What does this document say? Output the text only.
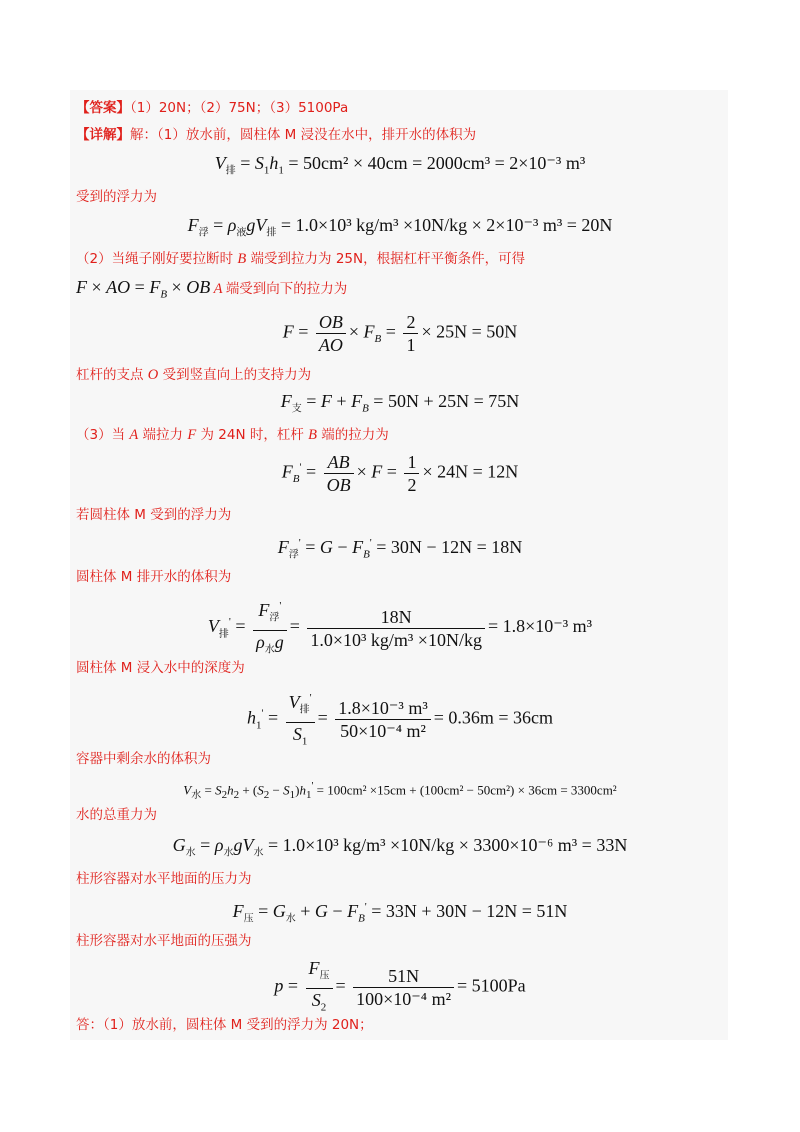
【答案】（1）20N；（2）75N；（3）5100Pa
【详解】解：（1）放水前，圆柱体 M 浸没在水中，排开水的体积为
$V_排 = S_1h_1 = 50cm^2 \times 40cm = 2000cm^3 = 2\times 10^{-3}$ m³
受到的浮力为
$F_浮 = \rho_液gV_排 = 1.0\times 10^3$ kg/m³ ×10N/kg × 2×10⁻³ m³ = 20N
（2）当绳子刚好要拉断时 B 端受到拉力为 25N，根据杠杆平衡条件，可得
F × AO = $F_B$ × OB A 端受到向下的拉力为
$F = \frac{OB}{AO} \times F_B = \frac{2}{1} \times 25N = 50N$
杠杆的支点 O 受到竖直向上的支持力为
$F_支 = F + F_B = 50N + 25N = 75N$
（3）当 A 端拉力 F 为 24N 时，杠杆 B 端的拉力为
$F_B' = \frac{AB}{OB} \times F = \frac{1}{2} \times 24N = 12N$
若圆柱体 M 受到的浮力为
$F_浮' = G - F_B' = 30N - 12N = 18N$
圆柱体 M 排开水的体积为
$V_排' = \frac{F_浮'}{\rho_水g} = \frac{18N}{\text{1.0×10³ kg/m³ ×10N/kg}} = 1.8\times 10^{-3}$ m³
圆柱体 M 浸入水中的深度为
$h_1' = \frac{V_排'}{S_1} = \frac{\text{1.8×10⁻³ m³}}{\text{50×10⁻⁴ m²}} = 0.36m = 36cm$
容器中剩余水的体积为
$V_水 = S_2h_2 + (S_2 - S_1)h_1' = 100cm^2 \times 15cm + (100cm^2 - 50cm^2) \times 36cm = 3300cm^2$
水的总重力为
$G_水 = \rho_水gV_水 = 1.0\times 10^3$ kg/m³ ×10N/kg × 3300×10⁻⁶ m³ = 33N
柱形容器对水平地面的压力为
$F_压 = G_水 + G - F_B' = 33N + 30N - 12N = 51N$
柱形容器对水平地面的压强为
$p = \frac{F_压}{S_2} = \frac{51N}{\text{100×10⁻⁴ m²}} = 5100Pa$
答：（1）放水前，圆柱体 M 受到的浮力为 20N；
